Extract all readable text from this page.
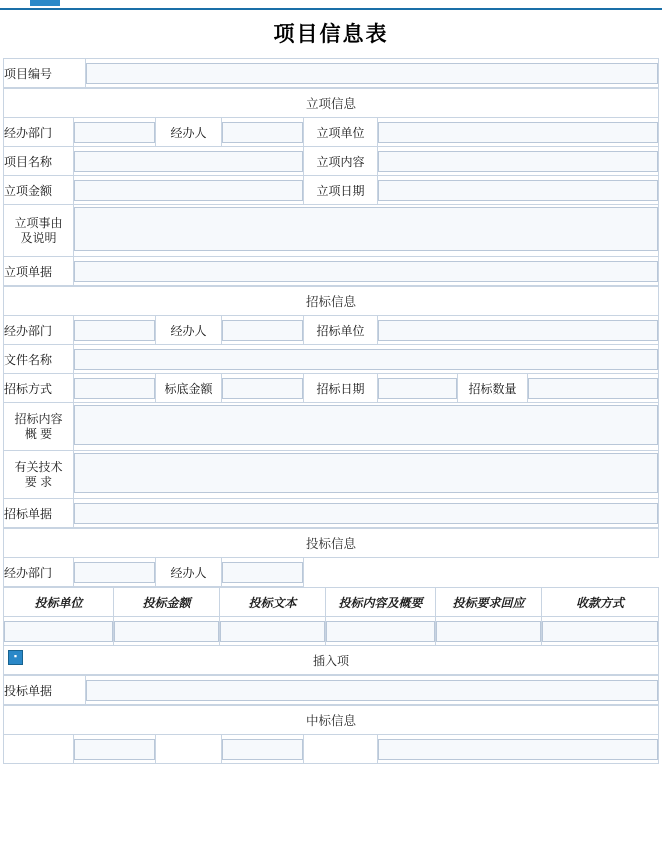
项目信息表
项目编号	
立项信息					
经办部门		经办人		立项单位	
项目名称				立项内容	
立项金额				立项日期	
立项事由
及说明	
立项单据	
招标信息							
经办部门		经办人		招标单位	
文件名称	
招标方式		标底金额		招标日期		招标数量	
招标内容
概 要	
有关技术
要 求	
招标单据	
投标信息
经办部门		经办人		
投标单位	投标金额	投标文本	投标内容及概要	投标要求回应	收款方式

▪ 插入项					
投标单据	
中标信息
